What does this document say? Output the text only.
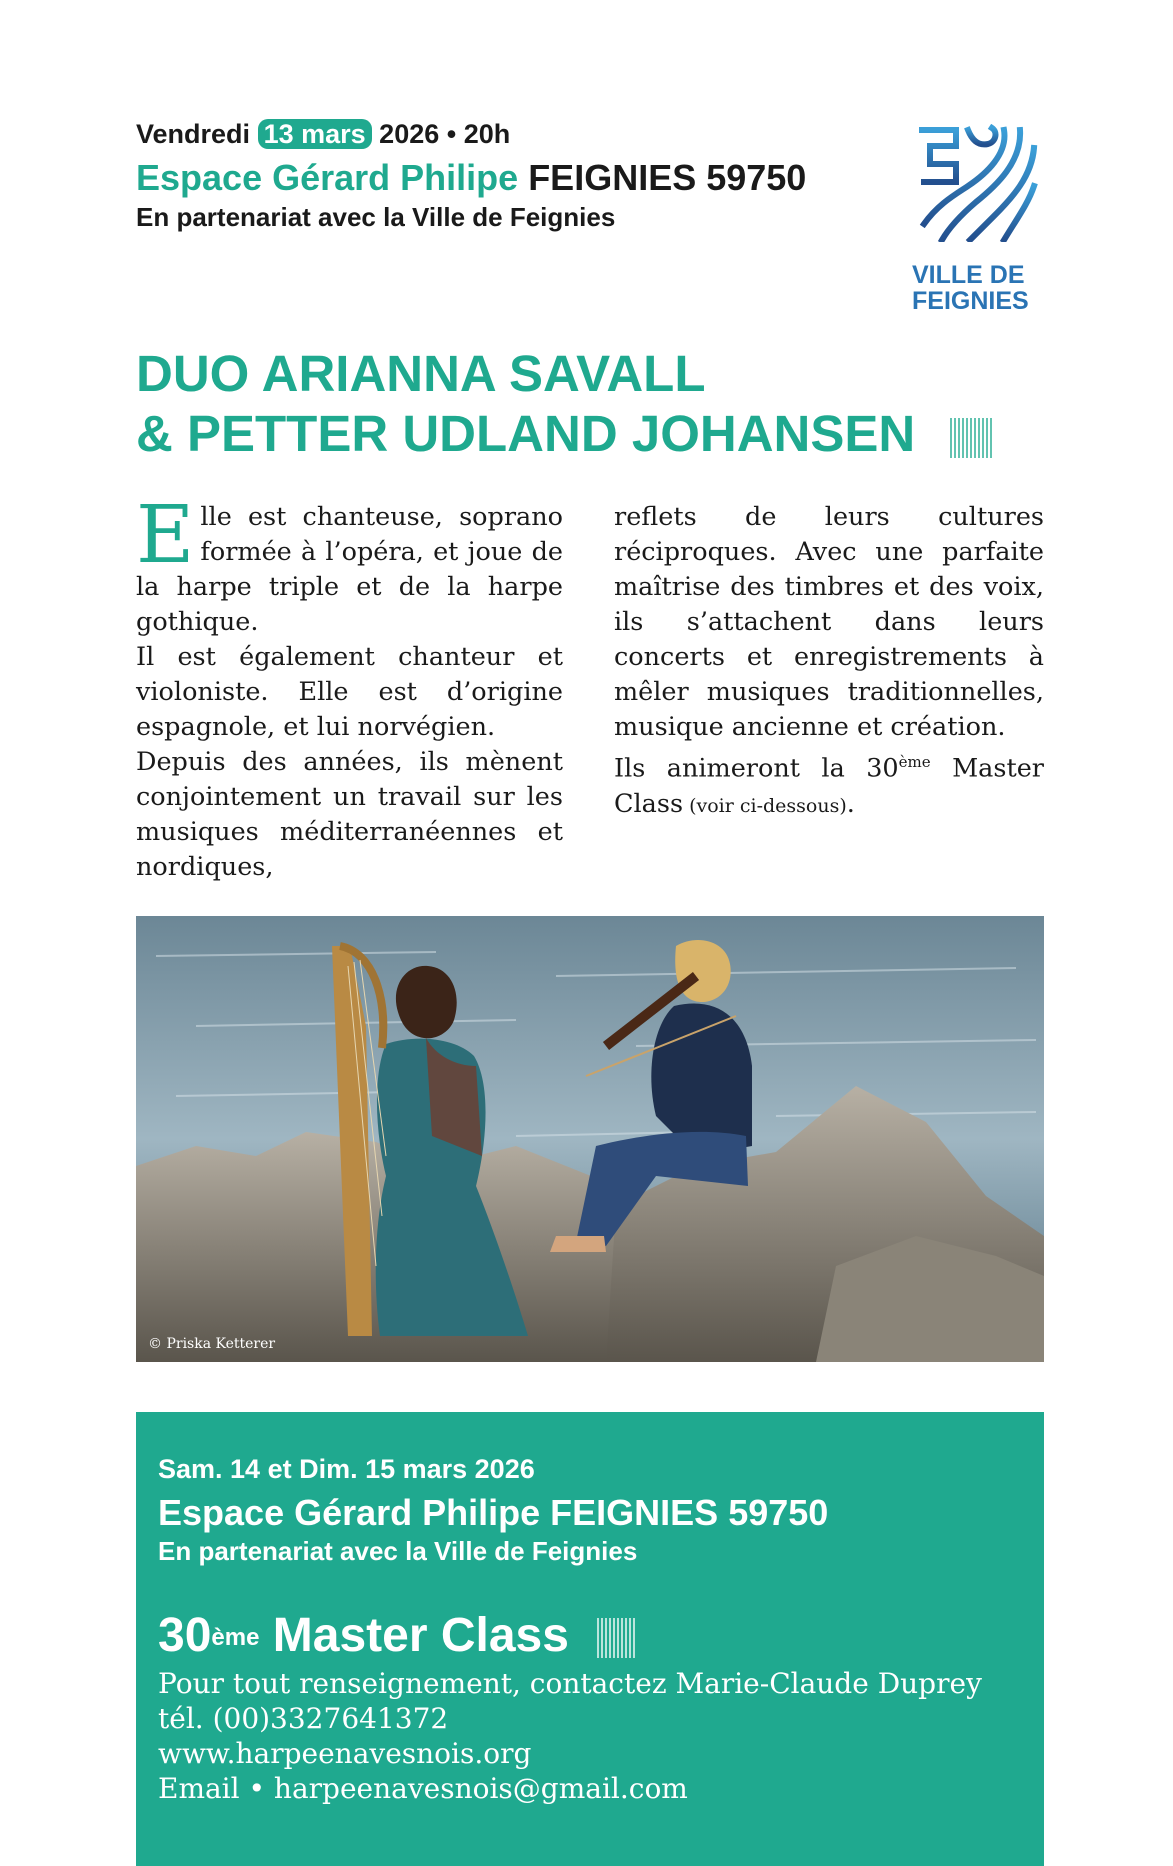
Vendredi 13 mars 2026 • 20h
Espace Gérard Philipe FEIGNIES 59750
En partenariat avec la Ville de Feignies
VILLE DE
FEIGNIES
DUO ARIANNA SAVALL
& PETTER UDLAND JOHANSEN

Elle est chanteuse, soprano formée à l’opéra, et joue de la harpe triple et de la harpe gothique.

Il est également chanteur et violoniste. Elle est d’origine espagnole, et lui norvégien.

Depuis des années, ils mènent conjointement un travail sur les musiques méditerranéennes et nordiques,

reflets de leurs cultures réciproques. Avec une parfaite maîtrise des timbres et des voix, ils s’attachent dans leurs concerts et enregistrements à mêler musiques traditionnelles, musique ancienne et création.

Ils animeront la 30ème Master Class (voir ci-dessous).

© Priska Ketterer
Sam. 14 et Dim. 15 mars 2026
Espace Gérard Philipe FEIGNIES 59750
En partenariat avec la Ville de Feignies
30ème Master Class
Pour tout renseignement, contactez Marie-Claude Duprey
tél. (00)3327641372
www.harpeenavesnois.org
Email • harpeenavesnois@gmail.com
